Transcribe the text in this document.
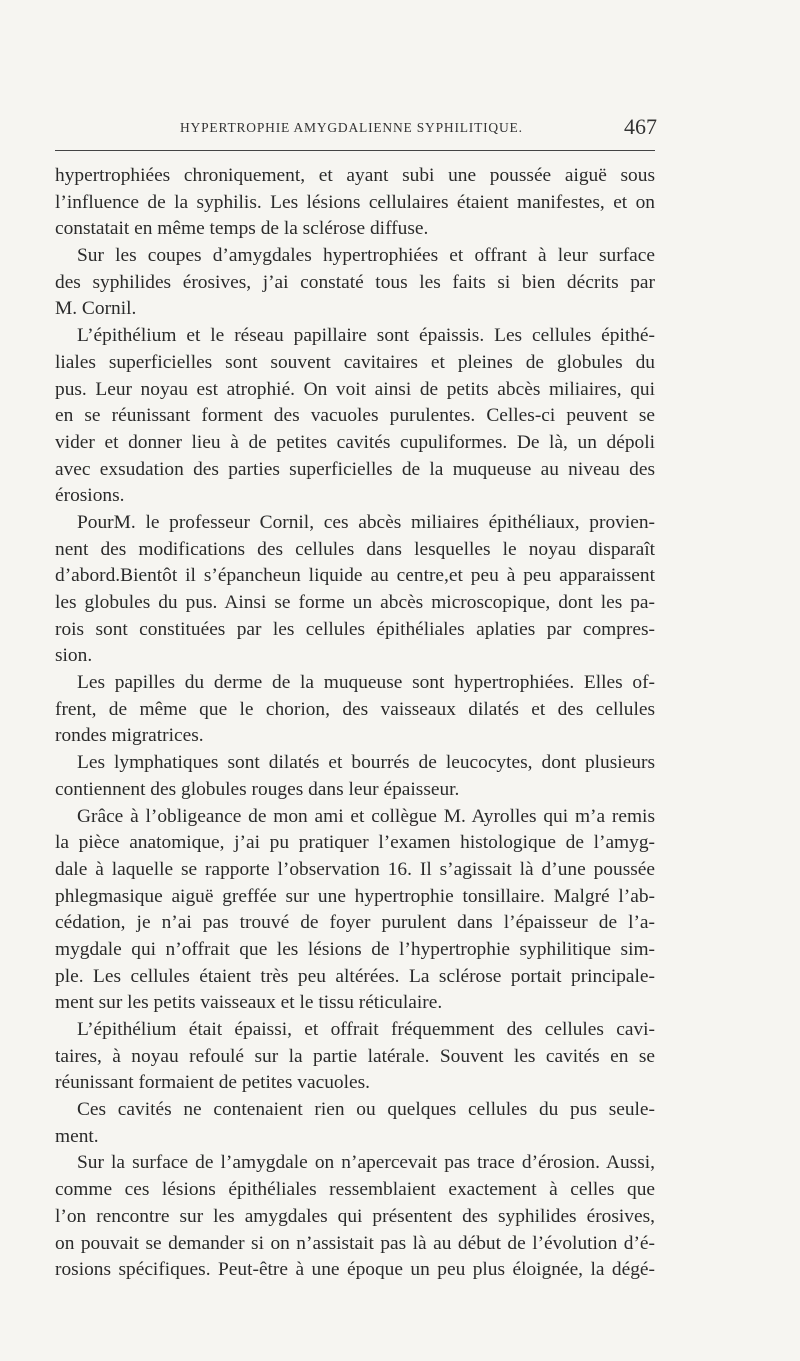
HYPERTROPHIE AMYGDALIENNE SYPHILITIQUE.	467
hypertrophiées chroniquement, et ayant subi une poussée aiguë sous
l’influence de la syphilis. Les lésions cellulaires étaient manifestes, et on
constatait en même temps de la sclérose diffuse.
Sur les coupes d’amygdales hypertrophiées et offrant à leur surface
des syphilides érosives, j’ai constaté tous les faits si bien décrits par
M. Cornil.
L’épithélium et le réseau papillaire sont épaissis. Les cellules épithé-
liales superficielles sont souvent cavitaires et pleines de globules du
pus. Leur noyau est atrophié. On voit ainsi de petits abcès miliaires, qui
en se réunissant forment des vacuoles purulentes. Celles-ci peuvent se
vider et donner lieu à de petites cavités cupuliformes. De là, un dépoli
avec exsudation des parties superficielles de la muqueuse au niveau des
érosions.
PourM. le professeur Cornil, ces abcès miliaires épithéliaux, provien-
nent des modifications des cellules dans lesquelles le noyau disparaît
d’abord.Bientôt il s’épancheun liquide au centre,et peu à peu apparaissent
les globules du pus. Ainsi se forme un abcès microscopique, dont les pa-
rois sont constituées par les cellules épithéliales aplaties par compres-
sion.
Les papilles du derme de la muqueuse sont hypertrophiées. Elles of-
frent, de même que le chorion, des vaisseaux dilatés et des cellules
rondes migratrices.
Les lymphatiques sont dilatés et bourrés de leucocytes, dont plusieurs
contiennent des globules rouges dans leur épaisseur.
Grâce à l’obligeance de mon ami et collègue M. Ayrolles qui m’a remis
la pièce anatomique, j’ai pu pratiquer l’examen histologique de l’amyg-
dale à laquelle se rapporte l’observation 16. Il s’agissait là d’une poussée
phlegmasique aiguë greffée sur une hypertrophie tonsillaire. Malgré l’ab-
cédation, je n’ai pas trouvé de foyer purulent dans l’épaisseur de l’a-
mygdale qui n’offrait que les lésions de l’hypertrophie syphilitique sim-
ple. Les cellules étaient très peu altérées. La sclérose portait principale-
ment sur les petits vaisseaux et le tissu réticulaire.
L’épithélium était épaissi, et offrait fréquemment des cellules cavi-
taires, à noyau refoulé sur la partie latérale. Souvent les cavités en se
réunissant formaient de petites vacuoles.
Ces cavités ne contenaient rien ou quelques cellules du pus seule-
ment.
Sur la surface de l’amygdale on n’apercevait pas trace d’érosion. Aussi,
comme ces lésions épithéliales ressemblaient exactement à celles que
l’on rencontre sur les amygdales qui présentent des syphilides érosives,
on pouvait se demander si on n’assistait pas là au début de l’évolution d’é-
rosions spécifiques. Peut-être à une époque un peu plus éloignée, la dégé-
